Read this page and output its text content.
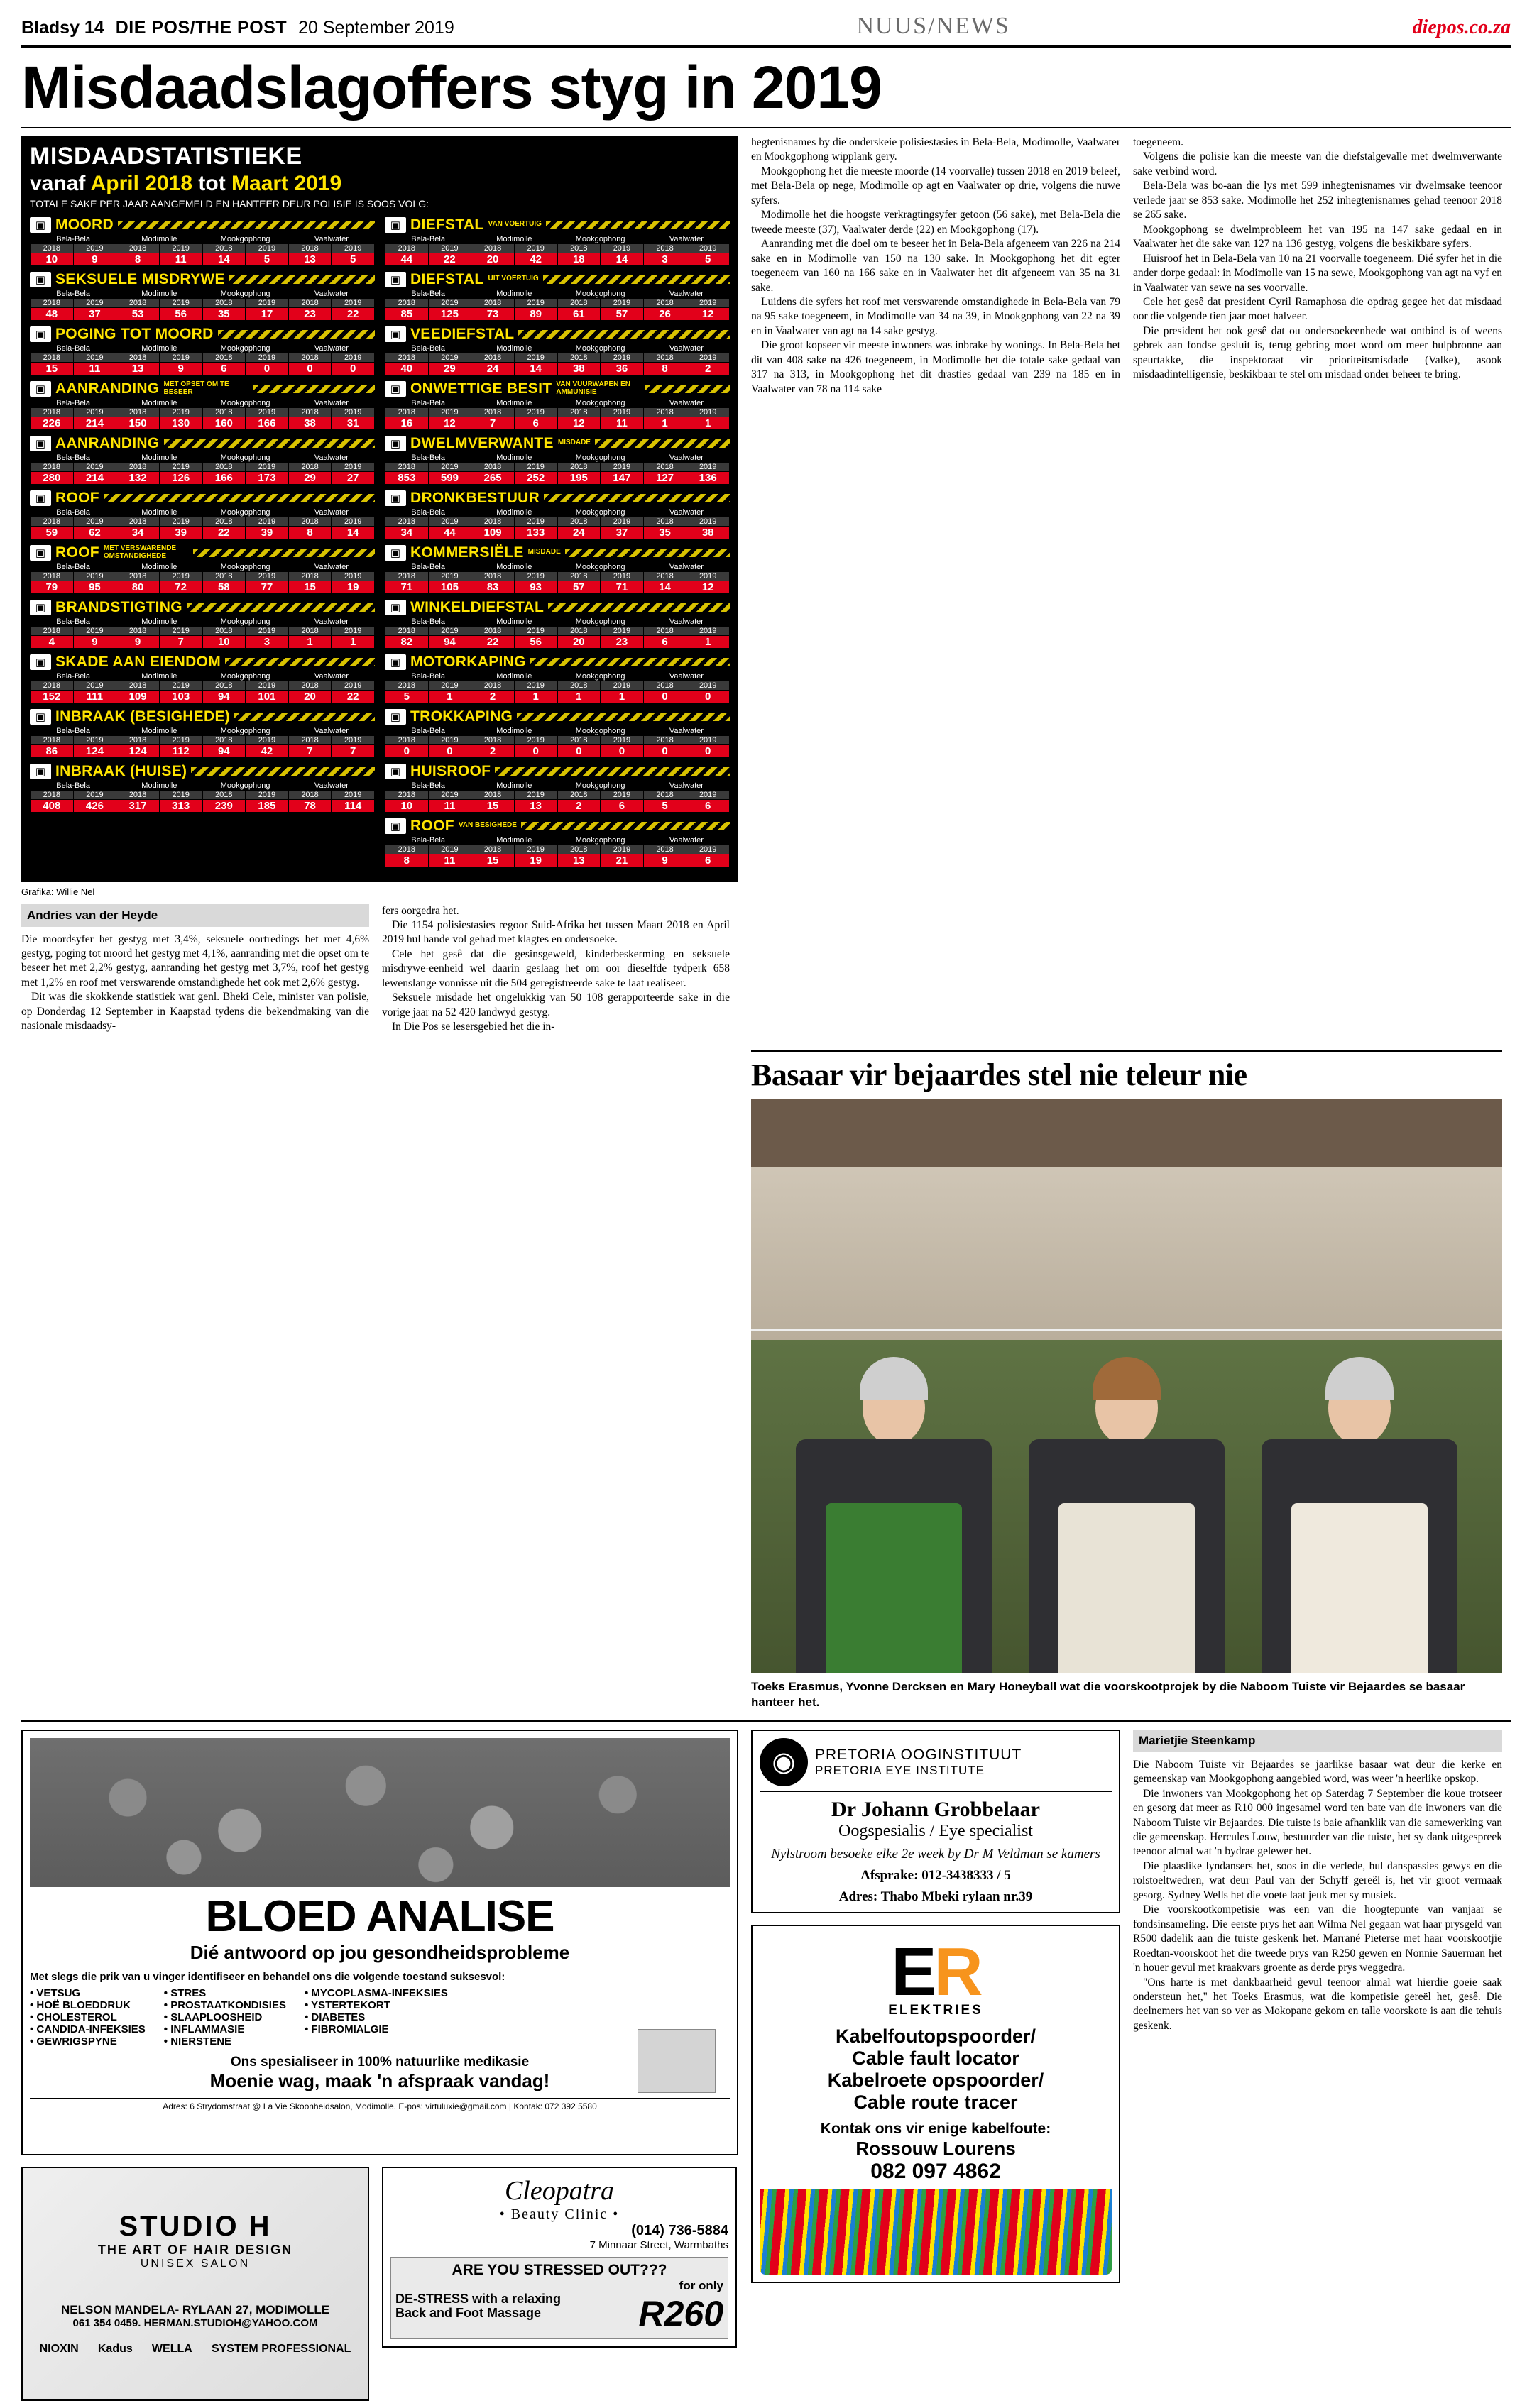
Bladsy 14 DIE POS/THE POST 20 September 2019	NUUS/NEWS	diepos.co.za
Misdaadslagoffers styg in 2019
MISDAADSTATISTIEKE
vanaf April 2018 tot Maart 2019
TOTALE SAKE PER JAAR AANGEMELD EN HANTEER DEUR POLISIE IS SOOS VOLG:
▣ MOORD
Bela-Bela		Modimolle		Mookgophong		Vaalwater	
2018	2019	2018	2019	2018	2019	2018	2019
10	9	8	11	14	5	13	5
▣ SEKSUELE MISDRYWE
Bela-Bela		Modimolle		Mookgophong		Vaalwater	
2018	2019	2018	2019	2018	2019	2018	2019
48	37	53	56	35	17	23	22
▣ POGING TOT MOORD
Bela-Bela		Modimolle		Mookgophong		Vaalwater	
2018	2019	2018	2019	2018	2019	2018	2019
15	11	13	9	6	0	0	0
▣ AANRANDING MET OPSET OM TE BESEER
Bela-Bela		Modimolle		Mookgophong		Vaalwater	
2018	2019	2018	2019	2018	2019	2018	2019
226	214	150	130	160	166	38	31
▣ AANRANDING
Bela-Bela		Modimolle		Mookgophong		Vaalwater	
2018	2019	2018	2019	2018	2019	2018	2019
280	214	132	126	166	173	29	27
▣ ROOF
Bela-Bela		Modimolle		Mookgophong		Vaalwater	
2018	2019	2018	2019	2018	2019	2018	2019
59	62	34	39	22	39	8	14
▣ ROOF MET VERSWARENDE OMSTANDIGHEDE
Bela-Bela		Modimolle		Mookgophong		Vaalwater	
2018	2019	2018	2019	2018	2019	2018	2019
79	95	80	72	58	77	15	19
▣ BRANDSTIGTING
Bela-Bela		Modimolle		Mookgophong		Vaalwater	
2018	2019	2018	2019	2018	2019	2018	2019
4	9	9	7	10	3	1	1
▣ SKADE AAN EIENDOM
Bela-Bela		Modimolle		Mookgophong		Vaalwater	
2018	2019	2018	2019	2018	2019	2018	2019
152	111	109	103	94	101	20	22
▣ INBRAAK (BESIGHEDE)
Bela-Bela		Modimolle		Mookgophong		Vaalwater	
2018	2019	2018	2019	2018	2019	2018	2019
86	124	124	112	94	42	7	7
▣ INBRAAK (HUISE)
Bela-Bela		Modimolle		Mookgophong		Vaalwater	
2018	2019	2018	2019	2018	2019	2018	2019
408	426	317	313	239	185	78	114
▣ DIEFSTAL VAN VOERTUIG
Bela-Bela		Modimolle		Mookgophong		Vaalwater	
2018	2019	2018	2019	2018	2019	2018	2019
44	22	20	42	18	14	3	5
▣ DIEFSTAL UIT VOERTUIG
Bela-Bela		Modimolle		Mookgophong		Vaalwater	
2018	2019	2018	2019	2018	2019	2018	2019
85	125	73	89	61	57	26	12
▣ VEEDIEFSTAL
Bela-Bela		Modimolle		Mookgophong		Vaalwater	
2018	2019	2018	2019	2018	2019	2018	2019
40	29	24	14	38	36	8	2
▣ ONWETTIGE BESIT VAN VUURWAPEN EN AMMUNISIE
Bela-Bela		Modimolle		Mookgophong		Vaalwater	
2018	2019	2018	2019	2018	2019	2018	2019
16	12	7	6	12	11	1	1
▣ DWELMVERWANTE MISDADE
Bela-Bela		Modimolle		Mookgophong		Vaalwater	
2018	2019	2018	2019	2018	2019	2018	2019
853	599	265	252	195	147	127	136
▣ DRONKBESTUUR
Bela-Bela		Modimolle		Mookgophong		Vaalwater	
2018	2019	2018	2019	2018	2019	2018	2019
34	44	109	133	24	37	35	38
▣ KOMMERSIËLE MISDADE
Bela-Bela		Modimolle		Mookgophong		Vaalwater	
2018	2019	2018	2019	2018	2019	2018	2019
71	105	83	93	57	71	14	12
▣ WINKELDIEFSTAL
Bela-Bela		Modimolle		Mookgophong		Vaalwater	
2018	2019	2018	2019	2018	2019	2018	2019
82	94	22	56	20	23	6	1
▣ MOTORKAPING
Bela-Bela		Modimolle		Mookgophong		Vaalwater	
2018	2019	2018	2019	2018	2019	2018	2019
5	1	2	1	1	1	0	0
▣ TROKKAPING
Bela-Bela		Modimolle		Mookgophong		Vaalwater	
2018	2019	2018	2019	2018	2019	2018	2019
0	0	2	0	0	0	0	0
▣ HUISROOF
Bela-Bela		Modimolle		Mookgophong		Vaalwater	
2018	2019	2018	2019	2018	2019	2018	2019
10	11	15	13	2	6	5	6
▣ ROOF VAN BESIGHEDE
Bela-Bela		Modimolle		Mookgophong		Vaalwater	
2018	2019	2018	2019	2018	2019	2018	2019
8	11	15	19	13	21	9	6
Grafika: Willie Nel
Andries van der Heyde

Die moordsyfer het gestyg met 3,4%, seksuele oortredings het met 4,6% gestyg, poging tot moord het gestyg met 4,1%, aanranding met die opset om te beseer het met 2,2% gestyg, aanranding het gestyg met 3,7%, roof het gestyg met 1,2% en roof met verswarende omstandighede het ook met 2,6% gestyg.

Dit was die skokkende statistiek wat genl. Bheki Cele, minister van polisie, op Donderdag 12 September in Kaapstad tydens die bekendmaking van die nasionale misdaadsy-

fers oorgedra het.

Die 1154 polisiestasies regoor Suid-Afrika het tussen Maart 2018 en April 2019 hul hande vol gehad met klagtes en ondersoeke.

Cele het gesê dat die gesinsgeweld, kinderbeskerming en seksuele misdrywe-eenheid wel daarin geslaag het om oor dieselfde tydperk 658 lewenslange vonnisse uit die 504 geregistreerde sake te laat realiseer.

Seksuele misdade het ongelukkig van 50 108 gerapporteerde sake in die vorige jaar na 52 420 landwyd gestyg.

In Die Pos se lesersgebied het die in-

hegtenisnames by die onderskeie polisiestasies in Bela-Bela, Modimolle, Vaalwater en Mookgophong wipplank gery.

Mookgophong het die meeste moorde (14 voorvalle) tussen 2018 en 2019 beleef, met Bela-Bela op nege, Modimolle op agt en Vaalwater op drie, volgens die nuwe syfers.

Modimolle het die hoogste verkragtingsyfer getoon (56 sake), met Bela-Bela die tweede meeste (37), Vaalwater derde (22) en Mookgophong (17).

Aanranding met die doel om te beseer het in Bela-Bela afgeneem van 226 na 214 sake en in Modimolle van 150 na 130 sake. In Mookgophong het dit egter toegeneem van 160 na 166 sake en in Vaalwater het dit afgeneem van 35 na 31 sake.

Luidens die syfers het roof met verswarende omstandighede in Bela-Bela van 79 na 95 sake toegeneem, in Modimolle van 34 na 39, in Mookgophong van 22 na 39 en in Vaalwater van agt na 14 sake gestyg.

Die groot kopseer vir meeste inwoners was inbrake by wonings. In Bela-Bela het dit van 408 sake na 426 toegeneem, in Modimolle het die totale sake gedaal van 317 na 313, in Mookgophong het dit drasties gedaal van 239 na 185 en in Vaalwater van 78 na 114 sake

toegeneem.

Volgens die polisie kan die meeste van die diefstalgevalle met dwelmverwante sake verbind word.

Bela-Bela was bo-aan die lys met 599 inhegtenisnames vir dwelmsake teenoor verlede jaar se 853 sake. Modimolle het 252 inhegtenisnames gehad teenoor 2018 se 265 sake.

Mookgophong se dwelmprobleem het van 195 na 147 sake gedaal en in Vaalwater het die sake van 127 na 136 gestyg, volgens die beskikbare syfers.

Huisroof het in Bela-Bela van 10 na 21 voorvalle toegeneem. Dié syfer het in die ander dorpe gedaal: in Modimolle van 15 na sewe, Mookgophong van agt na vyf en in Vaalwater van sewe na ses voorvalle.

Cele het gesê dat president Cyril Ramaphosa die opdrag gegee het dat misdaad oor die volgende tien jaar moet halveer.

Die president het ook gesê dat ou ondersoekeenhede wat ontbind is of weens gebrek aan fondse gesluit is, terug gebring moet word om meer hulpbronne aan speurtakke, die inspektoraat vir prioriteitsmisdade (Valke), asook misdaadintelligensie, beskikbaar te stel om misdaad onder beheer te bring.

Basaar vir bejaardes stel nie teleur nie
Toeks Erasmus, Yvonne Dercksen en Mary Honeyball wat die voorskootprojek by die Naboom Tuiste vir Bejaardes se basaar hanteer het.
BLOED ANALISE
Dié antwoord op jou gesondheidsprobleme
Met slegs die prik van u vinger identifiseer en behandel ons die volgende toestand suksesvol:
• VETSUG
• HOË BLOEDDRUK
• CHOLESTEROL
• CANDIDA-INFEKSIES
• GEWRIGSPYNE
• STRES
• PROSTAATKONDISIES
• SLAAPLOOSHEID
• INFLAMMASIE
• NIERSTENE
• MYCOPLASMA-INFEKSIES
• YSTERTEKORT
• DIABETES
• FIBROMIALGIE
Ons spesialiseer in 100% natuurlike medikasie
Moenie wag, maak 'n afspraak vandag!
Adres: 6 Strydomstraat @ La Vie Skoonheidsalon, Modimolle. E-pos: virtuluxie@gmail.com | Kontak: 072 392 5580
STUDIO H
THE ART OF HAIR DESIGN
UNISEX SALON
NELSON MANDELA- RYLAAN 27, MODIMOLLE
061 354 0459. HERMAN.STUDIOH@YAHOO.COM
NIOXIN Kadus WELLA SYSTEM PROFESSIONAL
Cleopatra
• Beauty Clinic •
(014) 736-5884
7 Minnaar Street, Warmbaths
ARE YOU STRESSED OUT???
DE-STRESS with a relaxing
Back and Foot Massage
for only
R260
◉	PRETORIA OOGINSTITUUT
PRETORIA EYE INSTITUTE
Dr Johann Grobbelaar
Oogspesialis / Eye specialist
Nylstroom besoeke elke 2e week by Dr M Veldman se kamers
Afsprake: 012-3438333 / 5
Adres: Thabo Mbeki rylaan nr.39
ER
ELEKTRIES
Kabelfoutopspoorder/
Cable fault locator
Kabelroete opspoorder/
Cable route tracer
Kontak ons vir enige kabelfoute:
Rossouw Lourens
082 097 4862
Marietjie Steenkamp

Die Naboom Tuiste vir Bejaardes se jaarlikse basaar wat deur die kerke en gemeenskap van Mookgophong aangebied word, was weer 'n heerlike opskop.

Die inwoners van Mookgophong het op Saterdag 7 September die koue trotseer en gesorg dat meer as R10 000 ingesamel word ten bate van die inwoners van die Naboom Tuiste vir Bejaardes. Die tuiste is baie afhanklik van die samewerking van die gemeenskap. Hercules Louw, bestuurder van die tuiste, het sy dank uitgespreek teenoor almal wat 'n bydrae gelewer het.

Die plaaslike lyndansers het, soos in die verlede, hul danspassies gewys en die rolstoeltwedren, wat deur Paul van der Schyff gereël is, het vir groot vermaak gesorg. Sydney Wells het die voete laat jeuk met sy musiek.

Die voorskootkompetisie was een van die hoogtepunte van vanjaar se fondsinsameling. Die eerste prys het aan Wilma Nel gegaan wat haar prysgeld van R500 dadelik aan die tuiste geskenk het. Marrané Pieterse met haar voorskootjie Roedtan-voorskoot het die tweede prys van R250 gewen en Nonnie Sauerman het 'n houer gevul met kraakvars groente as derde prys weggedra.

"Ons harte is met dankbaarheid gevul teenoor almal wat hierdie goeie saak ondersteun het," het Toeks Erasmus, wat die kompetisie gereël het, gesê. Die deelnemers het van so ver as Mokopane gekom en talle voorskote is aan die tehuis geskenk.
